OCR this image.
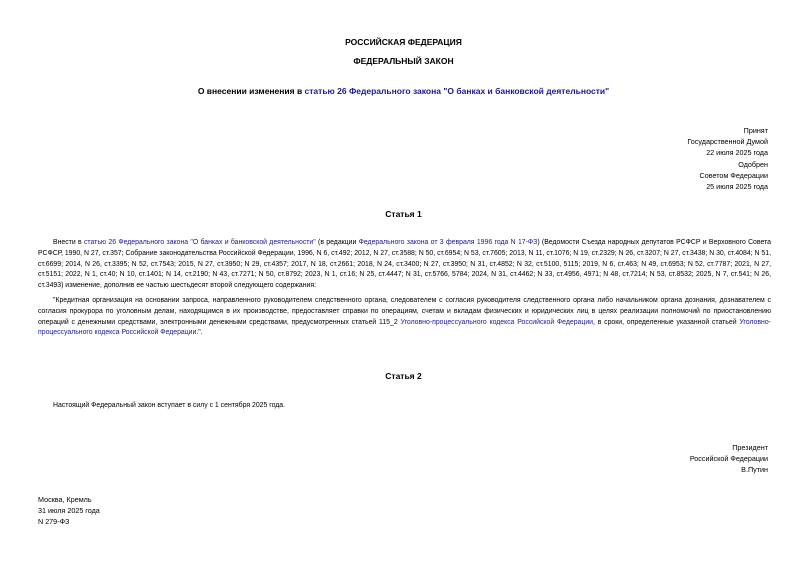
РОССИЙСКАЯ ФЕДЕРАЦИЯ
ФЕДЕРАЛЬНЫЙ ЗАКОН
О внесении изменения в статью 26 Федерального закона "О банках и банковской деятельности"
Принят
Государственной Думой
22 июля 2025 года
Одобрен
Советом Федерации
25 июля 2025 года
Статья 1
Внести в статью 26 Федерального закона "О банках и банковской деятельности" (в редакции Федерального закона от 3 февраля 1996 года N 17-ФЗ) (Ведомости Съезда народных депутатов РСФСР и Верховного Совета РСФСР, 1990, N 27, ст.357; Собрание законодательства Российской Федерации, 1996, N 6, ст.492; 2012, N 27, ст.3588; N 50, ст.6954; N 53, ст.7605; 2013, N 11, ст.1076; N 19, ст.2329; N 26, ст.3207; N 27, ст.3438; N 30, ст.4084; N 51, ст.6699; 2014, N 26, ст.3395; N 52, ст.7543; 2015, N 27, ст.3950; N 29, ст.4357; 2017, N 18, ст.2661; 2018, N 24, ст.3400; N 27, ст.3950; N 31, ст.4852; N 32, ст.5100, 5115; 2019, N 6, ст.463; N 49, ст.6953; N 52, ст.7787; 2021, N 27, ст.5151; 2022, N 1, ст.40; N 10, ст.1401; N 14, ст.2190; N 43, ст.7271; N 50, ст.8792; 2023, N 1, ст.16; N 25, ст.4447; N 31, ст.5766, 5784; 2024, N 31, ст.4462; N 33, ст.4956, 4971; N 48, ст.7214; N 53, ст.8532; 2025, N 7, ст.541; N 26, ст.3493) изменение, дополнив ее частью шестьдесят второй следующего содержания:
"Кредитная организация на основании запроса, направленного руководителем следственного органа, следователем с согласия руководителя следственного органа либо начальником органа дознания, дознавателем с согласия прокурора по уголовным делам, находящимся в их производстве, предоставляет справки по операциям, счетам и вкладам физических и юридических лиц в целях реализации полномочий по приостановлению операций с денежными средствами, электронными денежными средствами, предусмотренных статьей 115_2 Уголовно-процессуального кодекса Российской Федерации, в сроки, определенные указанной статьей Уголовно-процессуального кодекса Российской Федерации.".
Статья 2
Настоящий Федеральный закон вступает в силу с 1 сентября 2025 года.
Президент
Российской Федерации
В.Путин
Москва, Кремль
31 июля 2025 года
N 279-ФЗ
